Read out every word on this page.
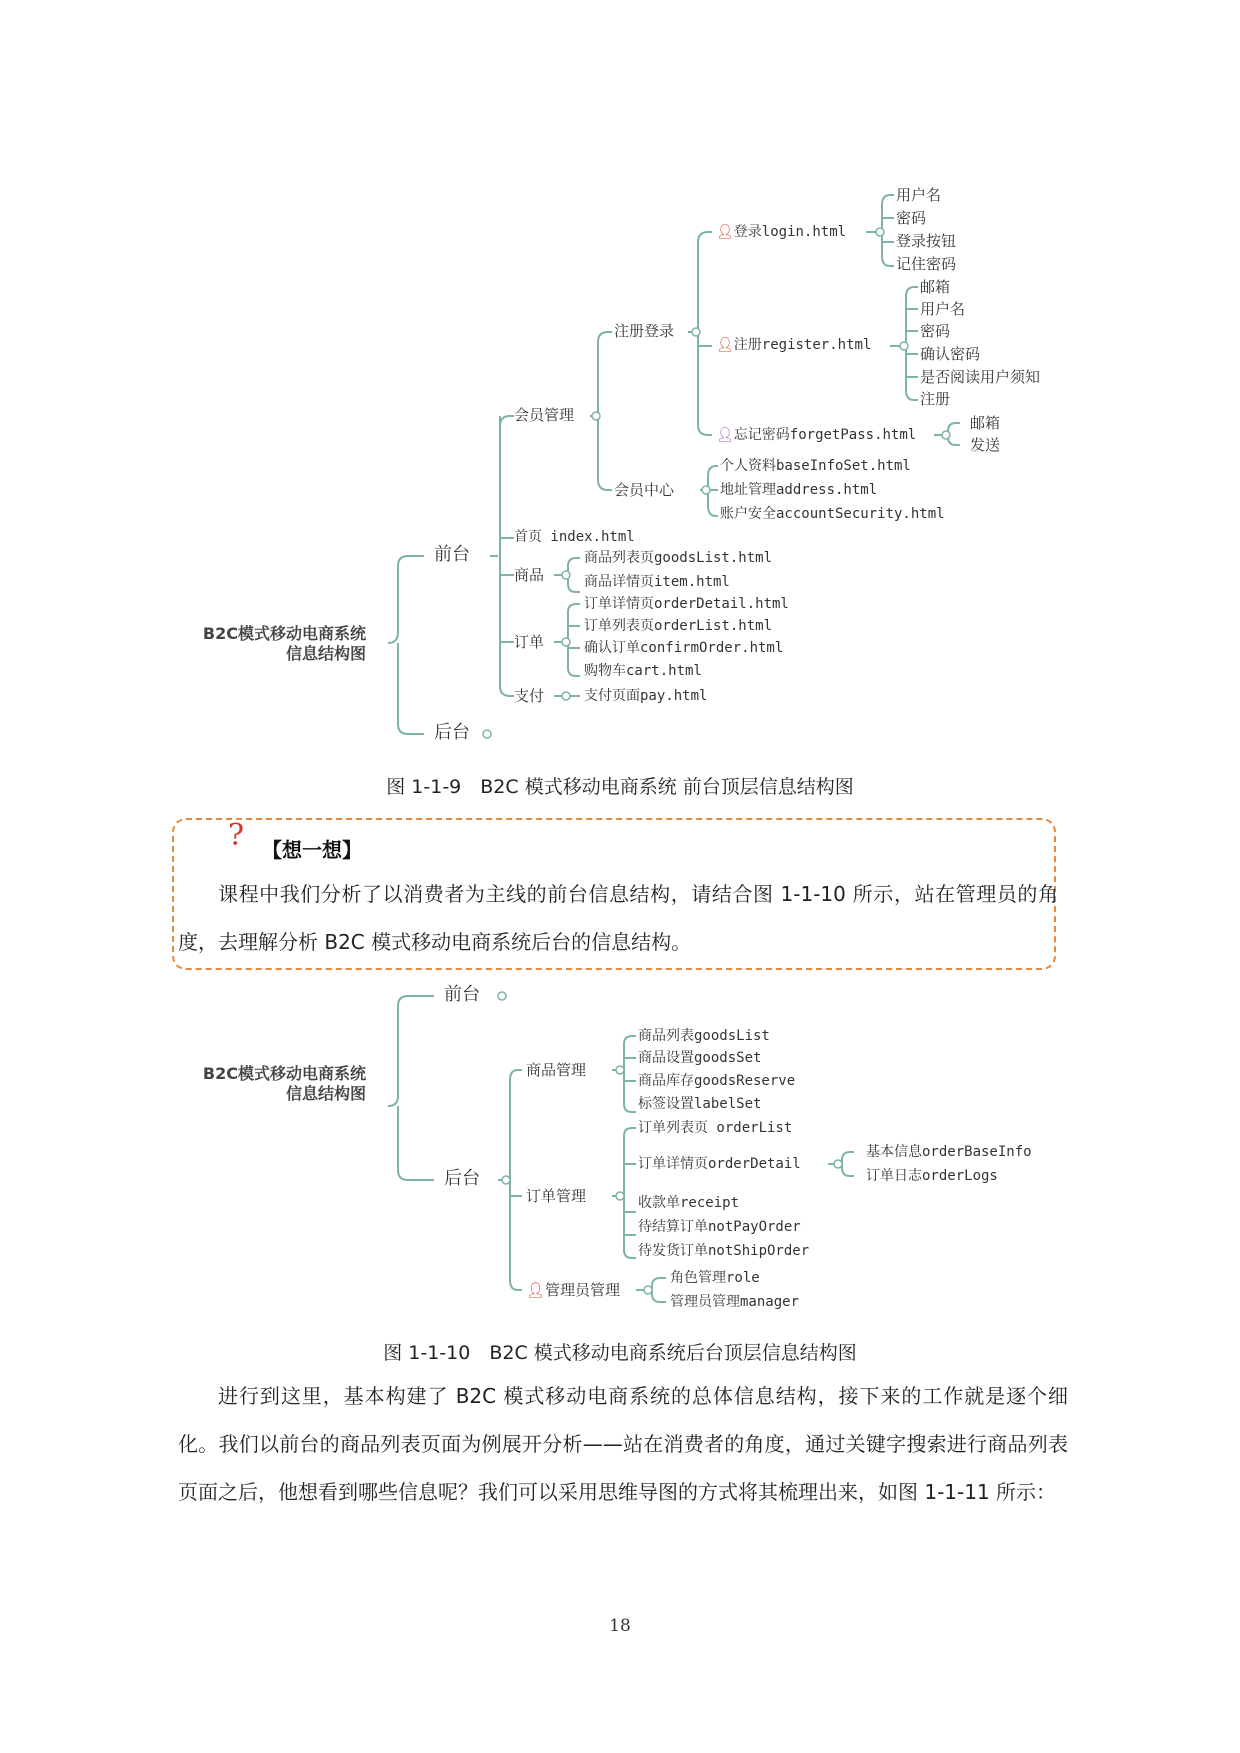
B2C模式移动电商系统
信息结构图
前台
后台
会员管理
注册登录
👤︎登录login.html
用户名
密码
登录按钮
记住密码
👤︎注册register.html
邮箱
用户名
密码
确认密码
是否阅读用户须知
注册
👤︎忘记密码forgetPass.html
邮箱
发送
会员中心
个人资料baseInfoSet.html
地址管理address.html
账户安全accountSecurity.html
首页 index.html
商品
商品列表页goodsList.html
商品详情页item.html
订单
订单详情页orderDetail.html
订单列表页orderList.html
确认订单confirmOrder.html
购物车cart.html
支付	支付页面pay.html
图 1-1-9　B2C 模式移动电商系统 前台顶层信息结构图
? 【想一想】
课程中我们分析了以消费者为主线的前台信息结构，请结合图 1-1-10 所示，站在管理员的角度，去理解分析 B2C 模式移动电商系统后台的信息结构。
B2C模式移动电商系统
信息结构图
前台
后台
商品管理
商品列表goodsList
商品设置goodsSet
商品库存goodsReserve
标签设置labelSet
订单管理
订单列表页 orderList
订单详情页orderDetail
基本信息orderBaseInfo
订单日志orderLogs
收款单receipt
待结算订单notPayOrder
待发货订单notShipOrder
👤︎管理员管理
角色管理role
管理员管理manager
图 1-1-10　B2C 模式移动电商系统后台顶层信息结构图
进行到这里，基本构建了 B2C 模式移动电商系统的总体信息结构，接下来的工作就是逐个细化。我们以前台的商品列表页面为例展开分析——站在消费者的角度，通过关键字搜索进行商品列表页面之后，他想看到哪些信息呢？我们可以采用思维导图的方式将其梳理出来，如图 1-1-11 所示：
18
